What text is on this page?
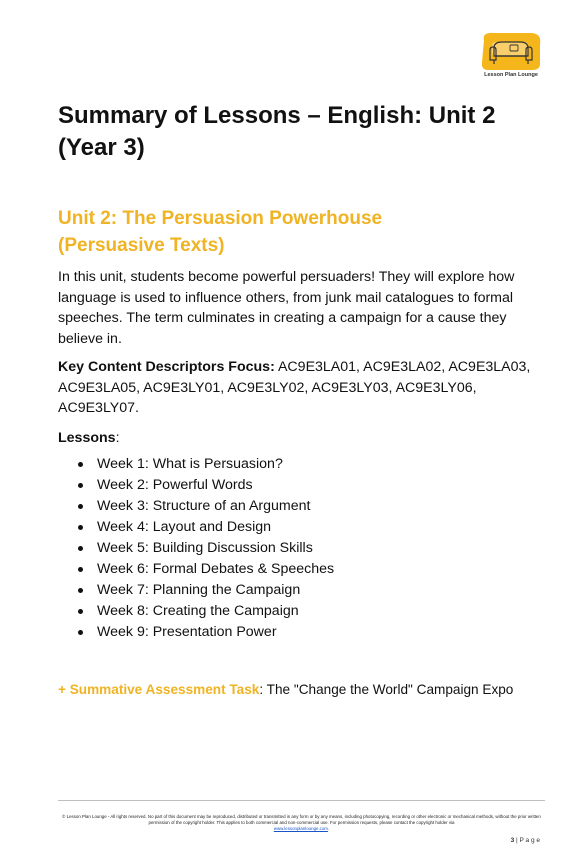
Lesson Plan Lounge
Summary of Lessons – English: Unit 2 (Year 3)
Unit 2: The Persuasion Powerhouse
(Persuasive Texts)
In this unit, students become powerful persuaders! They will explore how language is used to influence others, from junk mail catalogues to formal speeches. The term culminates in creating a campaign for a cause they believe in.
Key Content Descriptors Focus: AC9E3LA01, AC9E3LA02, AC9E3LA03, AC9E3LA05, AC9E3LY01, AC9E3LY02, AC9E3LY03, AC9E3LY06, AC9E3LY07.
Lessons:
Week 1: What is Persuasion?
Week 2: Powerful Words
Week 3: Structure of an Argument
Week 4: Layout and Design
Week 5: Building Discussion Skills
Week 6: Formal Debates & Speeches
Week 7: Planning the Campaign
Week 8: Creating the Campaign
Week 9: Presentation Power
+ Summative Assessment Task: The "Change the World" Campaign Expo
© Lesson Plan Lounge - All rights reserved. No part of this document may be reproduced, distributed or transmitted in any form or by any means, including photocopying, recording or other electronic or mechanical methods, without the prior written permission of the copyright holder. This applies to both commercial and non-commercial use. For permission requests, please contact the copyright holder via
www.lessonplanlounge.com.
3 | P a g e
